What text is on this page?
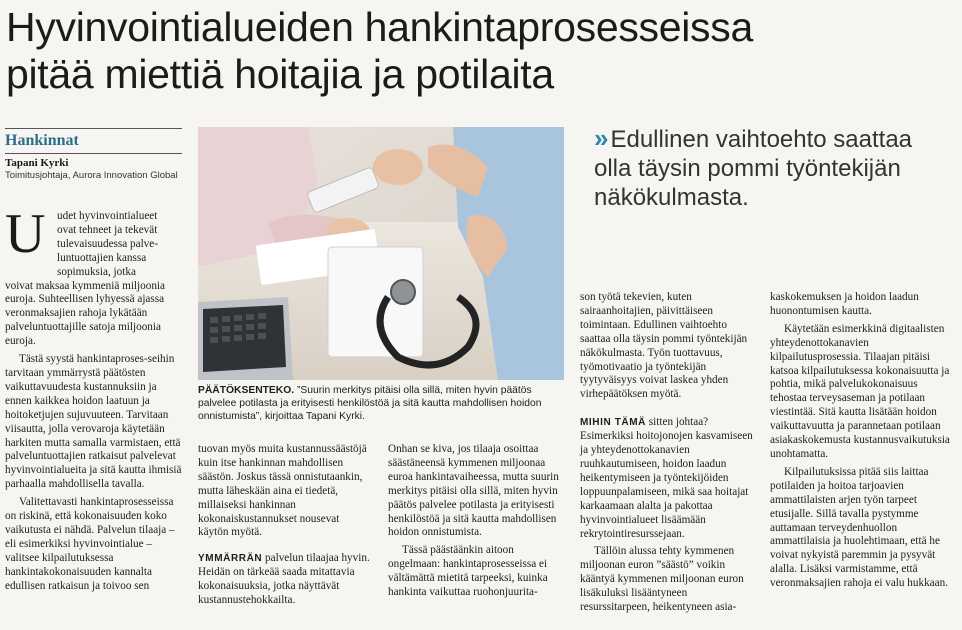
Hyvinvointialueiden hankintaprosesseissa
pitää miettiä hoitajia ja potilaita
Hankinnat
Tapani Kyrki
Toimitusjohtaja, Aurora Innovation Global
U udet hyvinvointialueet
ovat tehneet ja tekevät
tulevaisuudessa palve-
luntuottajien kanssa
sopimuksia, jotka

voivat maksaa kymmeniä miljoonia euroja. Suhteellisen lyhyessä ajassa veronmaksajien rahoja lykätään palveluntuottajille satoja miljoonia euroja.

Tästä syystä hankintaproses-seihin tarvitaan ymmärrystä päätösten vaikuttavuudesta kustannuksiin ja ennen kaikkea hoidon laatuun ja hoitoketjujen sujuvuuteen. Tarvitaan viisautta, jolla verovaroja käytetään harkiten mutta samalla varmistaen, että palveluntuottajien ratkaisut palvelevat hyvinvointialueita ja sitä kautta ihmisiä parhaalla mahdollisella tavalla.

Valitettavasti hankintaprosesseissa on riskinä, että kokonaisuuden koko vaikutusta ei nähdä. Palvelun tilaaja – eli esimerkiksi hyvinvointialue – valitsee kilpailutuksessa hankintakokonaisuuden kannalta edullisen ratkaisun ja toivoo sen

PÄÄTÖKSENTEKO. ”Suurin merkitys pitäisi olla sillä, miten hyvin päätös palvelee potilasta ja erityisesti henkilöstöä ja sitä kautta mahdollisen hoidon onnistumista”, kirjoittaa Tapani Kyrki.

tuovan myös muita kustannussäästöjä kuin itse hankinnan mahdollisen säästön. Joskus tässä onnistutaankin, mutta läheskään aina ei tiedetä, millaiseksi hankinnan kokonaiskustannukset nousevat käytön myötä.

YMMÄRRÄN palvelun tilaajaa hyvin. Heidän on tärkeää saada mitattavia kokonaisuuksia, jotka näyttävät kustannustehokkailta.

Onhan se kiva, jos tilaaja osoittaa säästäneensä kymmenen miljoonaa euroa hankintavaiheessa, mutta suurin merkitys pitäisi olla sillä, miten hyvin päätös palvelee potilasta ja erityisesti henkilöstöä ja sitä kautta mahdollisen hoidon onnistumista.

Tässä päästäänkin aitoon ongelmaan: hankintaprosesseissa ei vältämättä mietitä tarpeeksi, kuinka hankinta vaikuttaa ruohonjuurita-

» Edullinen vaihtoehto saattaa olla täysin pommi työntekijän näkökulmasta.

son työtä tekevien, kuten sairaanhoitajien, päivittäiseen toimintaan. Edullinen vaihtoehto saattaa olla täysin pommi työntekijän näkökulmasta. Työn tuottavuus, työmotivaatio ja työntekijän tyytyväisyys voivat laskea yhden virhepäätöksen myötä.

MIHIN TÄMÄ sitten johtaa? Esimerkiksi hoitojonojen kasvamiseen ja yhteydenottokanavien ruuhkautumiseen, hoidon laadun heikentymiseen ja työntekijöiden loppuunpalamiseen, mikä saa hoitajat karkaamaan alalta ja pakottaa hyvinvointialueet lisäämään rekrytointiresurssejaan.

Tällöin alussa tehty kymmenen miljoonan euron ”säästö” voikin kääntyä kymmenen miljoonan euron lisäkuluksi lisääntyneen resurssitarpeen, heikentyneen asia-

kaskokemuksen ja hoidon laadun huonontumisen kautta.

Käytetään esimerkkinä digitaalisten yhteydenottokanavien kilpailutusprosessia. Tilaajan pitäisi katsoa kilpailutuksessa kokonaisuutta ja pohtia, mikä palvelukokonaisuus tehostaa terveysaseman ja potilaan viestintää. Sitä kautta lisätään hoidon vaikuttavuutta ja parannetaan potilaan asiakaskokemusta kustannusvaikutuksia unohtamatta.

Kilpailutuksissa pitää siis laittaa potilaiden ja hoitoa tarjoavien ammattilaisten arjen työn tarpeet etusijalle. Sillä tavalla pystymme auttamaan terveydenhuollon ammattilaisia ja huolehtimaan, että he voivat nykyistä paremmin ja pysyvät alalla. Lisäksi varmistamme, että veronmaksajien rahoja ei valu hukkaan.
